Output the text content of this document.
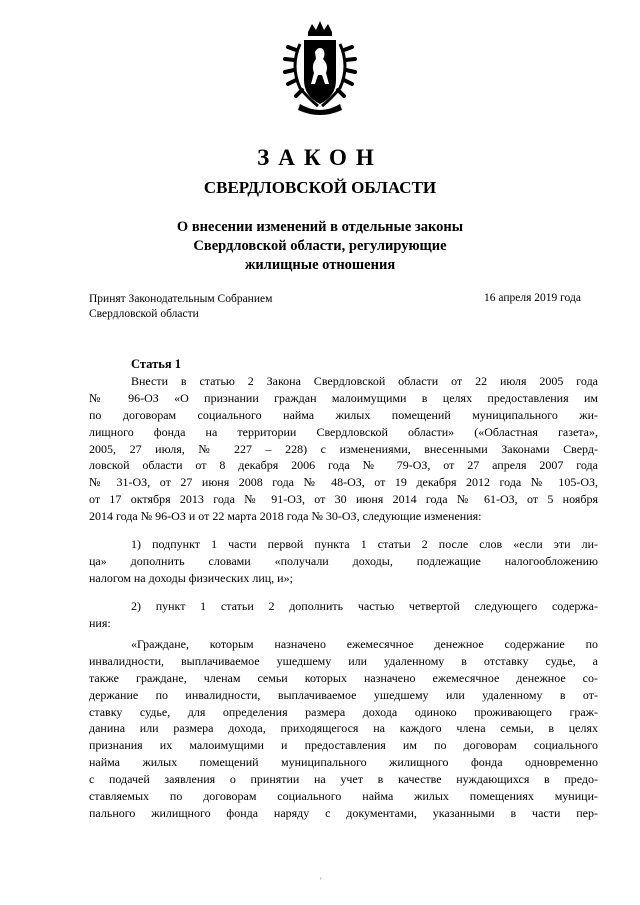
ЗАКОН
СВЕРДЛОВСКОЙ ОБЛАСТИ
О внесении изменений в отдельные законы
Свердловской области, регулирующие
жилищные отношения
Принят Законодательным Собранием
Свердловской области
16 апреля 2019 года
Статья 1
Внести в статью 2 Закона Свердловской области от 22 июля 2005 года
№ 96-ОЗ «О признании граждан малоимущими в целях предоставления им
по договорам социального найма жилых помещений муниципального жи-
лищного фонда на территории Свердловской области» («Областная газета»,
2005, 27 июля, № 227 – 228) с изменениями, внесенными Законами Сверд-
ловской области от 8 декабря 2006 года № 79-ОЗ, от 27 апреля 2007 года
№ 31-ОЗ, от 27 июня 2008 года № 48-ОЗ, от 19 декабря 2012 года № 105-ОЗ,
от 17 октября 2013 года № 91-ОЗ, от 30 июня 2014 года № 61-ОЗ, от 5 ноября
2014 года № 96-ОЗ и от 22 марта 2018 года № 30-ОЗ, следующие изменения:
1) подпункт 1 части первой пункта 1 статьи 2 после слов «если эти ли-
ца» дополнить словами «получали доходы, подлежащие налогообложению
налогом на доходы физических лиц, и»;
2) пункт 1 статьи 2 дополнить частью четвертой следующего содержа-
ния:
«Граждане, которым назначено ежемесячное денежное содержание по
инвалидности, выплачиваемое ушедшему или удаленному в отставку судье, а
также граждане, членам семьи которых назначено ежемесячное денежное со-
держание по инвалидности, выплачиваемое ушедшему или удаленному в от-
ставку судье, для определения размера дохода одиноко проживающего граж-
данина или размера дохода, приходящегося на каждого члена семьи, в целях
признания их малоимущими и предоставления им по договорам социального
найма жилых помещений муниципального жилищного фонда одновременно
с подачей заявления о принятии на учет в качестве нуждающихся в предо-
ставляемых по договорам социального найма жилых помещениях муници-
пального жилищного фонда наряду с документами, указанными в части пер-
'
